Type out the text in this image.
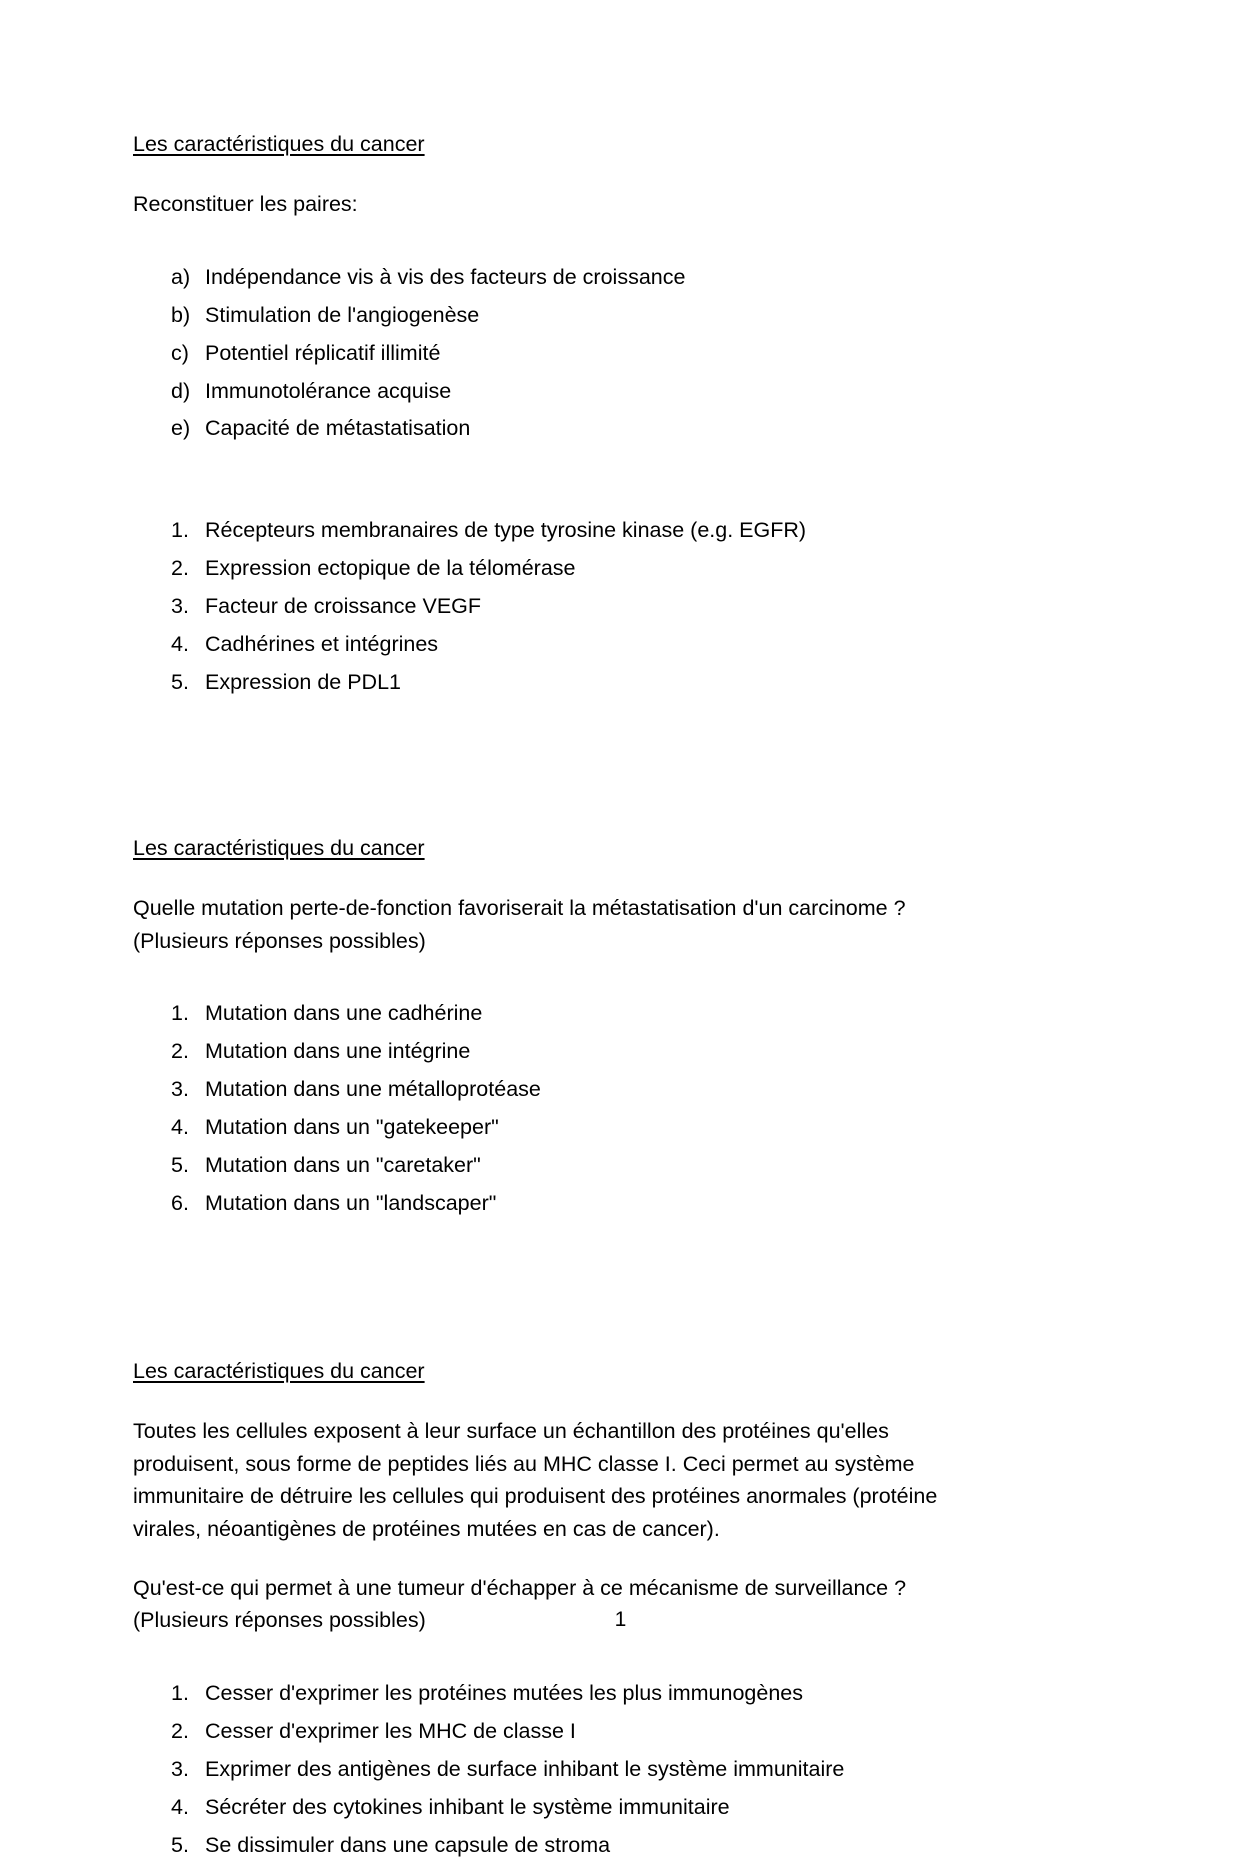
Les caractéristiques du cancer
Reconstituer les paires:
a) Indépendance vis à vis des facteurs de croissance
b) Stimulation de l'angiogenèse
c) Potentiel réplicatif illimité
d) Immunotolérance acquise
e) Capacité de métastatisation
1. Récepteurs membranaires de type tyrosine kinase (e.g. EGFR)
2. Expression ectopique de la télomérase
3. Facteur de croissance VEGF
4. Cadhérines et intégrines
5. Expression de PDL1
Les caractéristiques du cancer
Quelle mutation perte-de-fonction favoriserait la métastatisation d'un carcinome ? (Plusieurs réponses possibles)
1. Mutation dans une cadhérine
2. Mutation dans une intégrine
3. Mutation dans une métalloprotéase
4. Mutation dans un "gatekeeper"
5. Mutation dans un "caretaker"
6. Mutation dans un "landscaper"
Les caractéristiques du cancer
Toutes les cellules exposent à leur surface un échantillon des protéines qu'elles produisent, sous forme de peptides liés au MHC classe I. Ceci permet au système immunitaire de détruire les cellules qui produisent des protéines anormales (protéine virales, néoantigènes de protéines mutées en cas de cancer).
Qu'est-ce qui permet à une tumeur d'échapper à ce mécanisme de surveillance ? (Plusieurs réponses possibles)
1. Cesser d'exprimer les protéines mutées les plus immunogènes
2. Cesser d'exprimer les MHC de classe I
3. Exprimer des antigènes de surface inhibant le système immunitaire
4. Sécréter des cytokines inhibant le système immunitaire
5. Se dissimuler dans une capsule de stroma
1
